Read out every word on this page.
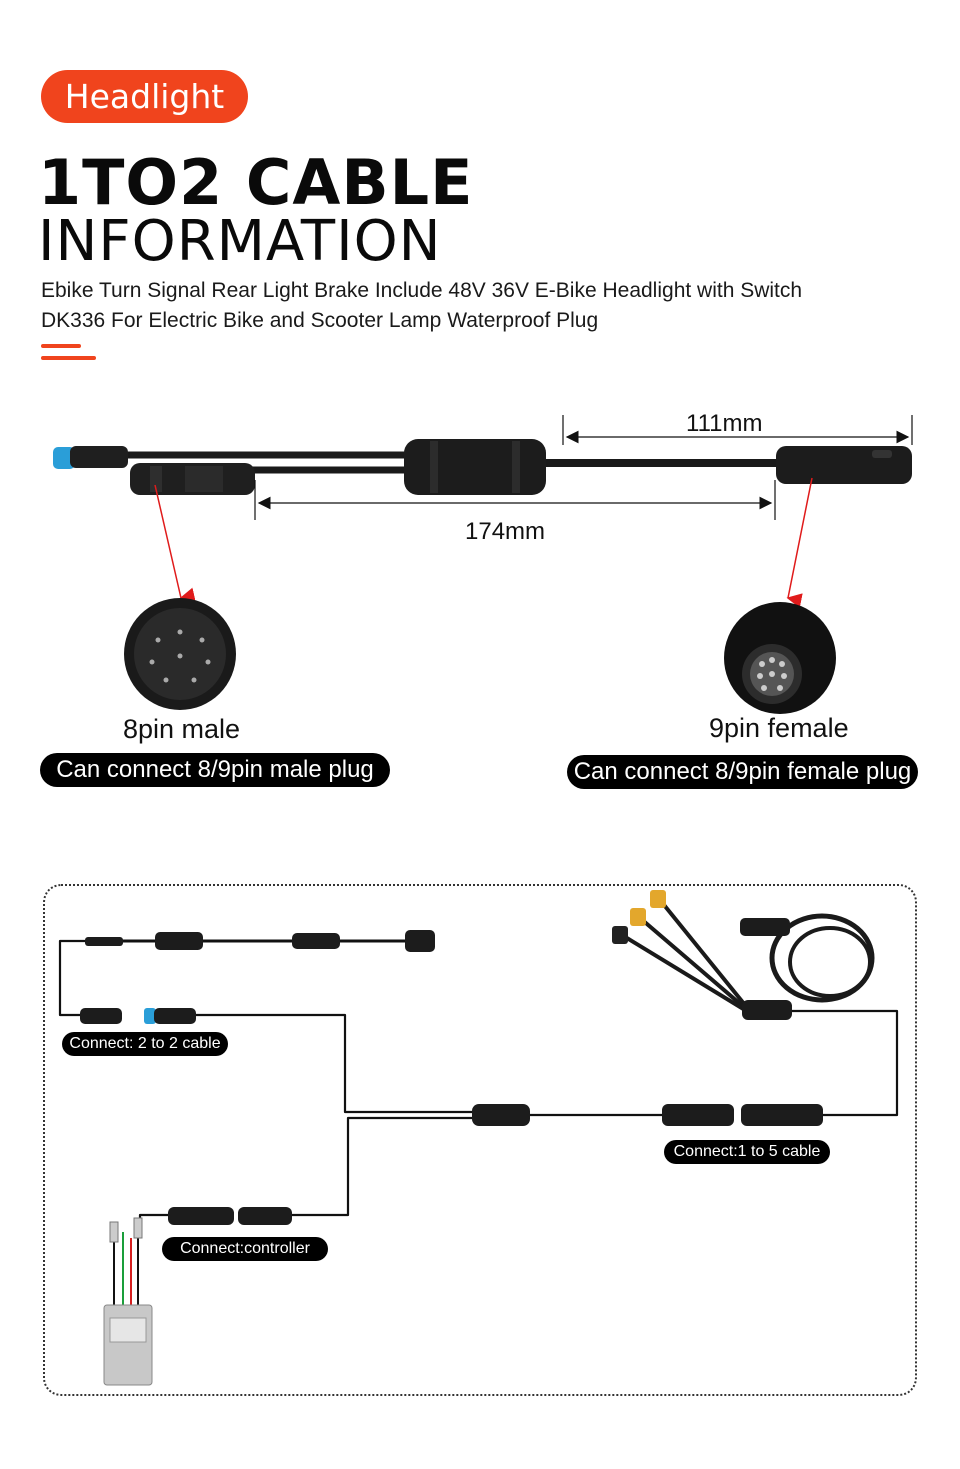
Headlight
1TO2 CABLE
INFORMATION

Ebike Turn Signal Rear Light Brake Include 48V 36V E-Bike Headlight with Switch
DK336 For Electric Bike and Scooter Lamp Waterproof Plug

111mm
174mm
8pin male	9pin female
Can connect 8/9pin male plug	Can connect 8/9pin female plug
Connect: 2 to 2 cable
Connect:1 to 5 cable
Connect:controller
